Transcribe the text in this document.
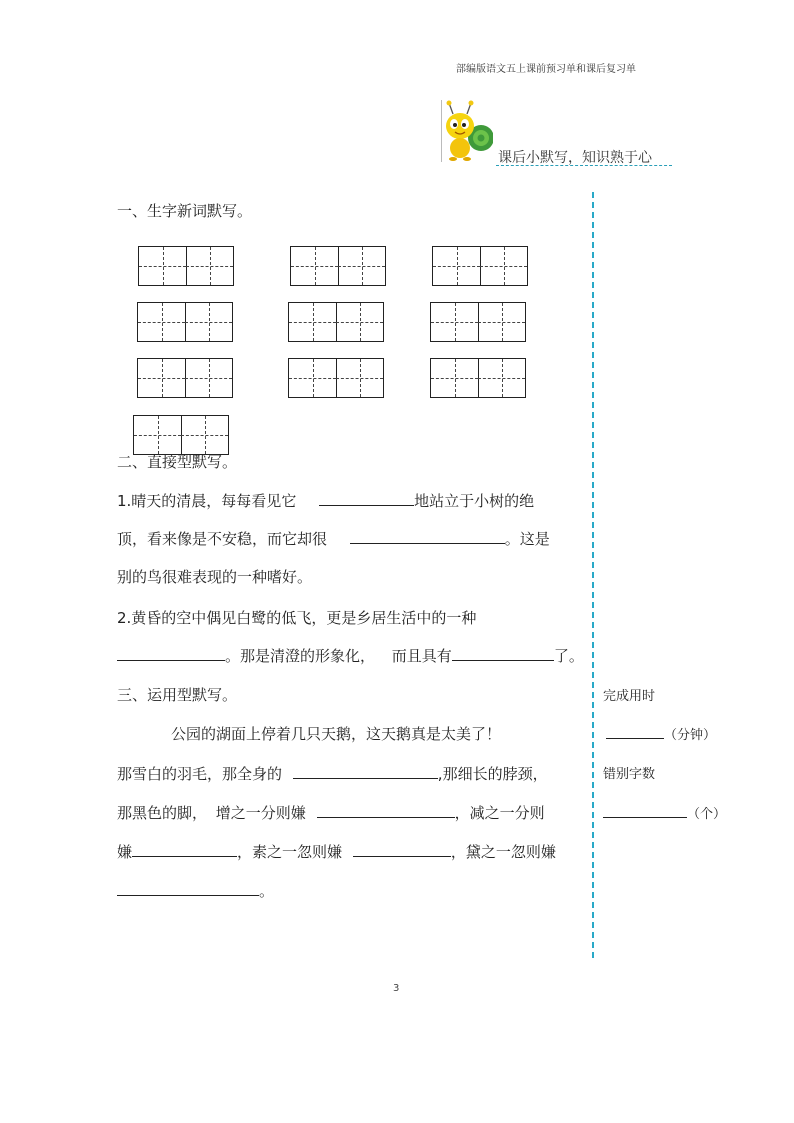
部编版语文五上课前预习单和课后复习单
课后小默写，知识熟于心
一、生字新词默写。
二、直接型默写。
1.晴天的清晨，每每看见它	地站立于小树的绝
顶，看来像是不安稳，而它却很	。这是
别的鸟很难表现的一种嗜好。
2.黄昏的空中偶见白鹭的低飞，更是乡居生活中的一种
。那是清澄的形象化， 而且具有	了。
三、运用型默写。
公园的湖面上停着几只天鹅，这天鹅真是太美了！
那雪白的羽毛，那全身的	,那细长的脖颈，
那黑色的脚， 增之一分则嫌	，减之一分则
嫌	，素之一忽则嫌	，黛之一忽则嫌
。
完成用时
（分钟）
错别字数
（个）
3
